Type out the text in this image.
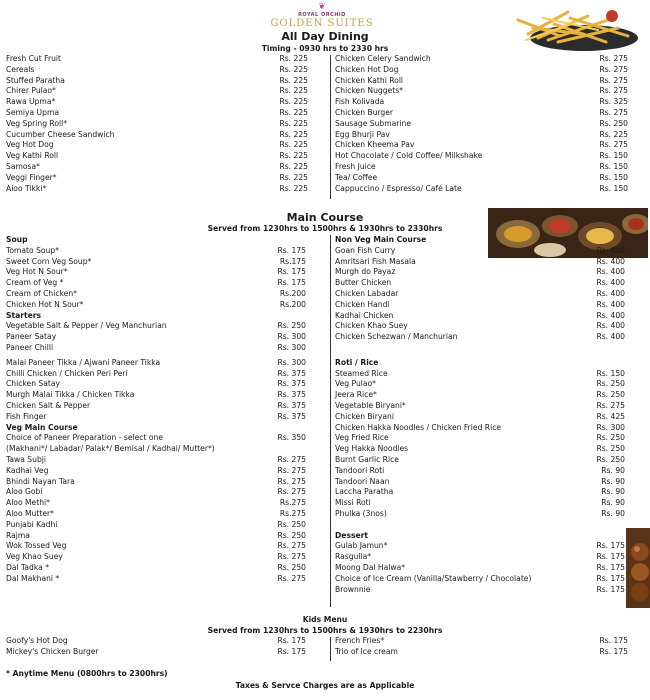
❦
ROYAL ORCHID
GOLDEN SUITES
All Day Dining
Timing - 0930 hrs to 2330 hrs
Main Course
Served from 1230hrs to 1500hrs & 1930hrs to 2330hrs
Kids Menu
Served from 1230hrs to 1500hrs & 1930hrs to 2230hrs
Fresh Cut Fruit	Rs. 225
Cereals	Rs. 225
Stuffed Paratha	Rs. 225
Chirer Pulao*	Rs. 225
Rawa Upma*	Rs. 225
Semiya Upma	Rs. 225
Veg Spring Roll*	Rs. 225
Cucumber Cheese Sandwich	Rs. 225
Veg Hot Dog	Rs. 225
Veg Kathi Roll	Rs. 225
Samosa*	Rs. 225
Veggi Finger*	Rs. 225
Aloo Tikki*	Rs. 225
Chicken Celery Sandwich	Rs. 275
Chicken Hot Dog	Rs. 275
Chicken Kathi Roll	Rs. 275
Chicken Nuggets*	Rs. 275
Fish Kolivada	Rs. 325
Chicken Burger	Rs. 275
Sausage Submarine	Rs. 250
Egg Bhurji Pav	Rs. 225
Chicken Kheema Pav	Rs. 275
Hot Chocolate / Cold Coffee/ Milkshake	Rs. 150
Fresh Juice	Rs. 150
Tea/ Coffee	Rs. 150
Cappuccino / Espresso/ Café Late	Rs. 150
Soup
Tomato Soup*	Rs. 175
Sweet Corn Veg Soup*	Rs.175
Veg Hot N Sour*	Rs. 175
Cream of Veg *	Rs. 175
Cream of Chicken*	Rs.200
Chicken Hot N Sour*	Rs.200
Starters
Vegetable Salt & Pepper / Veg Manchurian	Rs. 250
Paneer Satay	Rs. 300
Paneer Chilli	Rs. 300
Malai Paneer Tikka / Ajwani Paneer Tikka	Rs. 300
Chilli Chicken / Chicken Peri Peri	Rs. 375
Chicken Satay	Rs. 375
Murgh Malai Tikka / Chicken Tikka	Rs. 375
Chicken Salt & Pepper	Rs. 375
Fish Finger	Rs. 375
Veg Main Course
Choice of Paneer Preparation - select one	Rs. 350
(Makhani*/ Labadar/ Palak*/ Bemisal / Kadhai/ Mutter*)
Tawa Subji	Rs. 275
Kadhai Veg	Rs. 275
Bhindi Nayan Tara	Rs. 275
Aloo Gobi	Rs. 275
Aloo Methi*	Rs.275
Aloo Mutter*	Rs.275
Punjabi Kadhi	Rs. 250
Rajma	Rs. 250
Wok Tossed Veg	Rs. 275
Veg Khao Suey	Rs. 275
Dal Tadka *	Rs. 250
Dal Makhani *	Rs. 275
Non Veg Main Course
Goan Fish Curry	Rs. 400
Amritsari Fish Masala	Rs. 400
Murgh do Payaz	Rs. 400
Butter Chicken	Rs. 400
Chicken Labadar	Rs. 400
Chicken Handi	Rs. 400
Kadhai Chicken	Rs. 400
Chicken Khao Suey	Rs. 400
Chicken Schezwan / Manchurian	Rs. 400
Roti / Rice
Steamed Rice	Rs. 150
Veg Pulao*	Rs. 250
Jeera Rice*	Rs. 250
Vegetable Biryani*	Rs. 275
Chicken Biryani	Rs. 425
Chicken Hakka Noodles / Chicken Fried Rice	Rs. 300
Veg Fried Rice	Rs. 250
Veg Hakka Noodles	Rs. 250
Burnt Garlic Rice	Rs. 250
Tandoori Roti	Rs. 90
Tandoori Naan	Rs. 90
Laccha Paratha	Rs. 90
Missi Roti	Rs. 90
Phulka (3nos)	Rs. 90
Dessert
Gulab Jamun*	Rs. 175
Rasgulla*	Rs. 175
Moong Dal Halwa*	Rs. 175
Choice of Ice Cream (Vanilla/Stawberry / Chocolate)	Rs. 175
Brownnie	Rs. 175
Goofy's Hot Dog	Rs. 175
Mickey's Chicken Burger	Rs. 175
French Fries*	Rs. 175
Trio of Ice cream	Rs. 175
* Anytime Menu (0800hrs to 2300hrs)
Taxes & Servce Charges are as Applicable
